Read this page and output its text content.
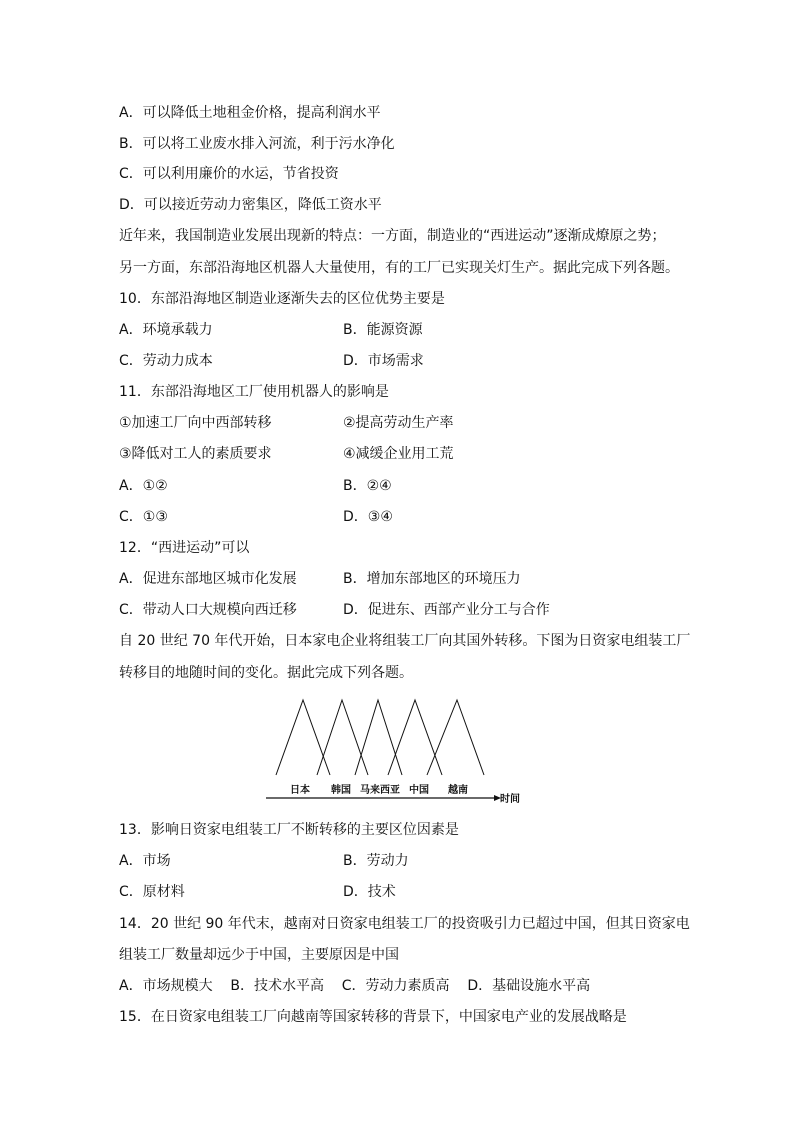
A．可以降低土地租金价格，提高利润水平
B．可以将工业废水排入河流，利于污水净化
C．可以利用廉价的水运，节省投资
D．可以接近劳动力密集区，降低工资水平
近年来，我国制造业发展出现新的特点：一方面，制造业的“西进运动”逐渐成燎原之势；
另一方面，东部沿海地区机器人大量使用，有的工厂已实现关灯生产。据此完成下列各题。
10．东部沿海地区制造业逐渐失去的区位优势主要是
A．环境承载力	B．能源资源
C．劳动力成本	D．市场需求
11．东部沿海地区工厂使用机器人的影响是
①加速工厂向中西部转移	②提高劳动生产率
③降低对工人的素质要求	④减缓企业用工荒
A．①②	B．②④
C．①③	D．③④
12．“西进运动”可以
A．促进东部地区城市化发展	B．增加东部地区的环境压力
C．带动人口大规模向西迁移	D．促进东、西部产业分工与合作
自 20 世纪 70 年代开始，日本家电企业将组装工厂向其国外转移。下图为日资家电组装工厂
转移目的地随时间的变化。据此完成下列各题。
日本 韩国 马来西亚 中国 越南
时间
13．影响日资家电组装工厂不断转移的主要区位因素是
A．市场	B．劳动力
C．原材料	D．技术
14．20 世纪 90 年代末，越南对日资家电组装工厂的投资吸引力已超过中国，但其日资家电
组装工厂数量却远少于中国，主要原因是中国
A．市场规模大    B．技术水平高    C．劳动力素质高    D．基础设施水平高
15．在日资家电组装工厂向越南等国家转移的背景下，中国家电产业的发展战略是
